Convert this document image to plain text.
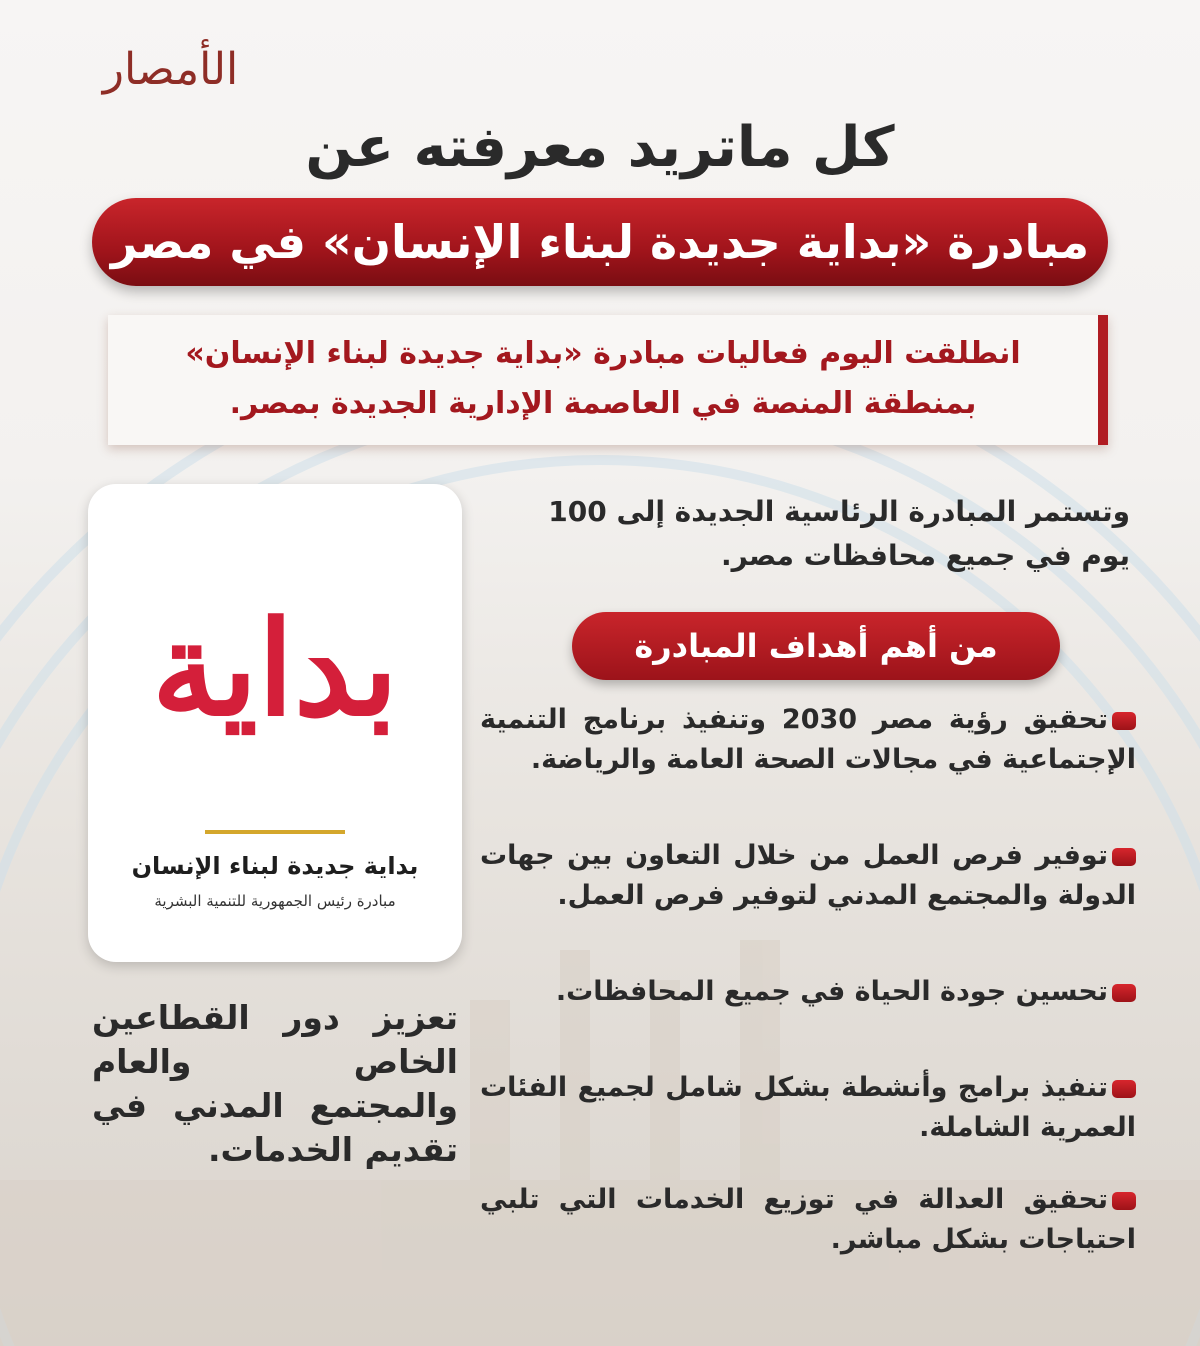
الأمصار
كل ماتريد معرفته عن
مبادرة «بداية جديدة لبناء الإنسان» في مصر
انطلقت اليوم فعاليات مبادرة «بداية جديدة لبناء الإنسان» بمنطقة المنصة في العاصمة الإدارية الجديدة بمصر.
بداية
بداية جديدة لبناء الإنسان
مبادرة رئيس الجمهورية للتنمية البشرية
وتستمر المبادرة الرئاسية الجديدة إلى 100 يوم في جميع محافظات مصر.
من أهم أهداف المبادرة
تحقيق رؤية مصر 2030 وتنفيذ برنامج التنمية الإجتماعية في مجالات الصحة العامة والرياضة.
توفير فرص العمل من خلال التعاون بين جهات الدولة والمجتمع المدني لتوفير فرص العمل.
تحسين جودة الحياة في جميع المحافظات.
تنفيذ برامج وأنشطة بشكل شامل لجميع الفئات العمرية الشاملة.
تحقيق العدالة في توزيع الخدمات التي تلبي احتياجات بشكل مباشر.
تعزيز دور القطاعين الخاص والعام والمجتمع المدني في تقديم الخدمات.
